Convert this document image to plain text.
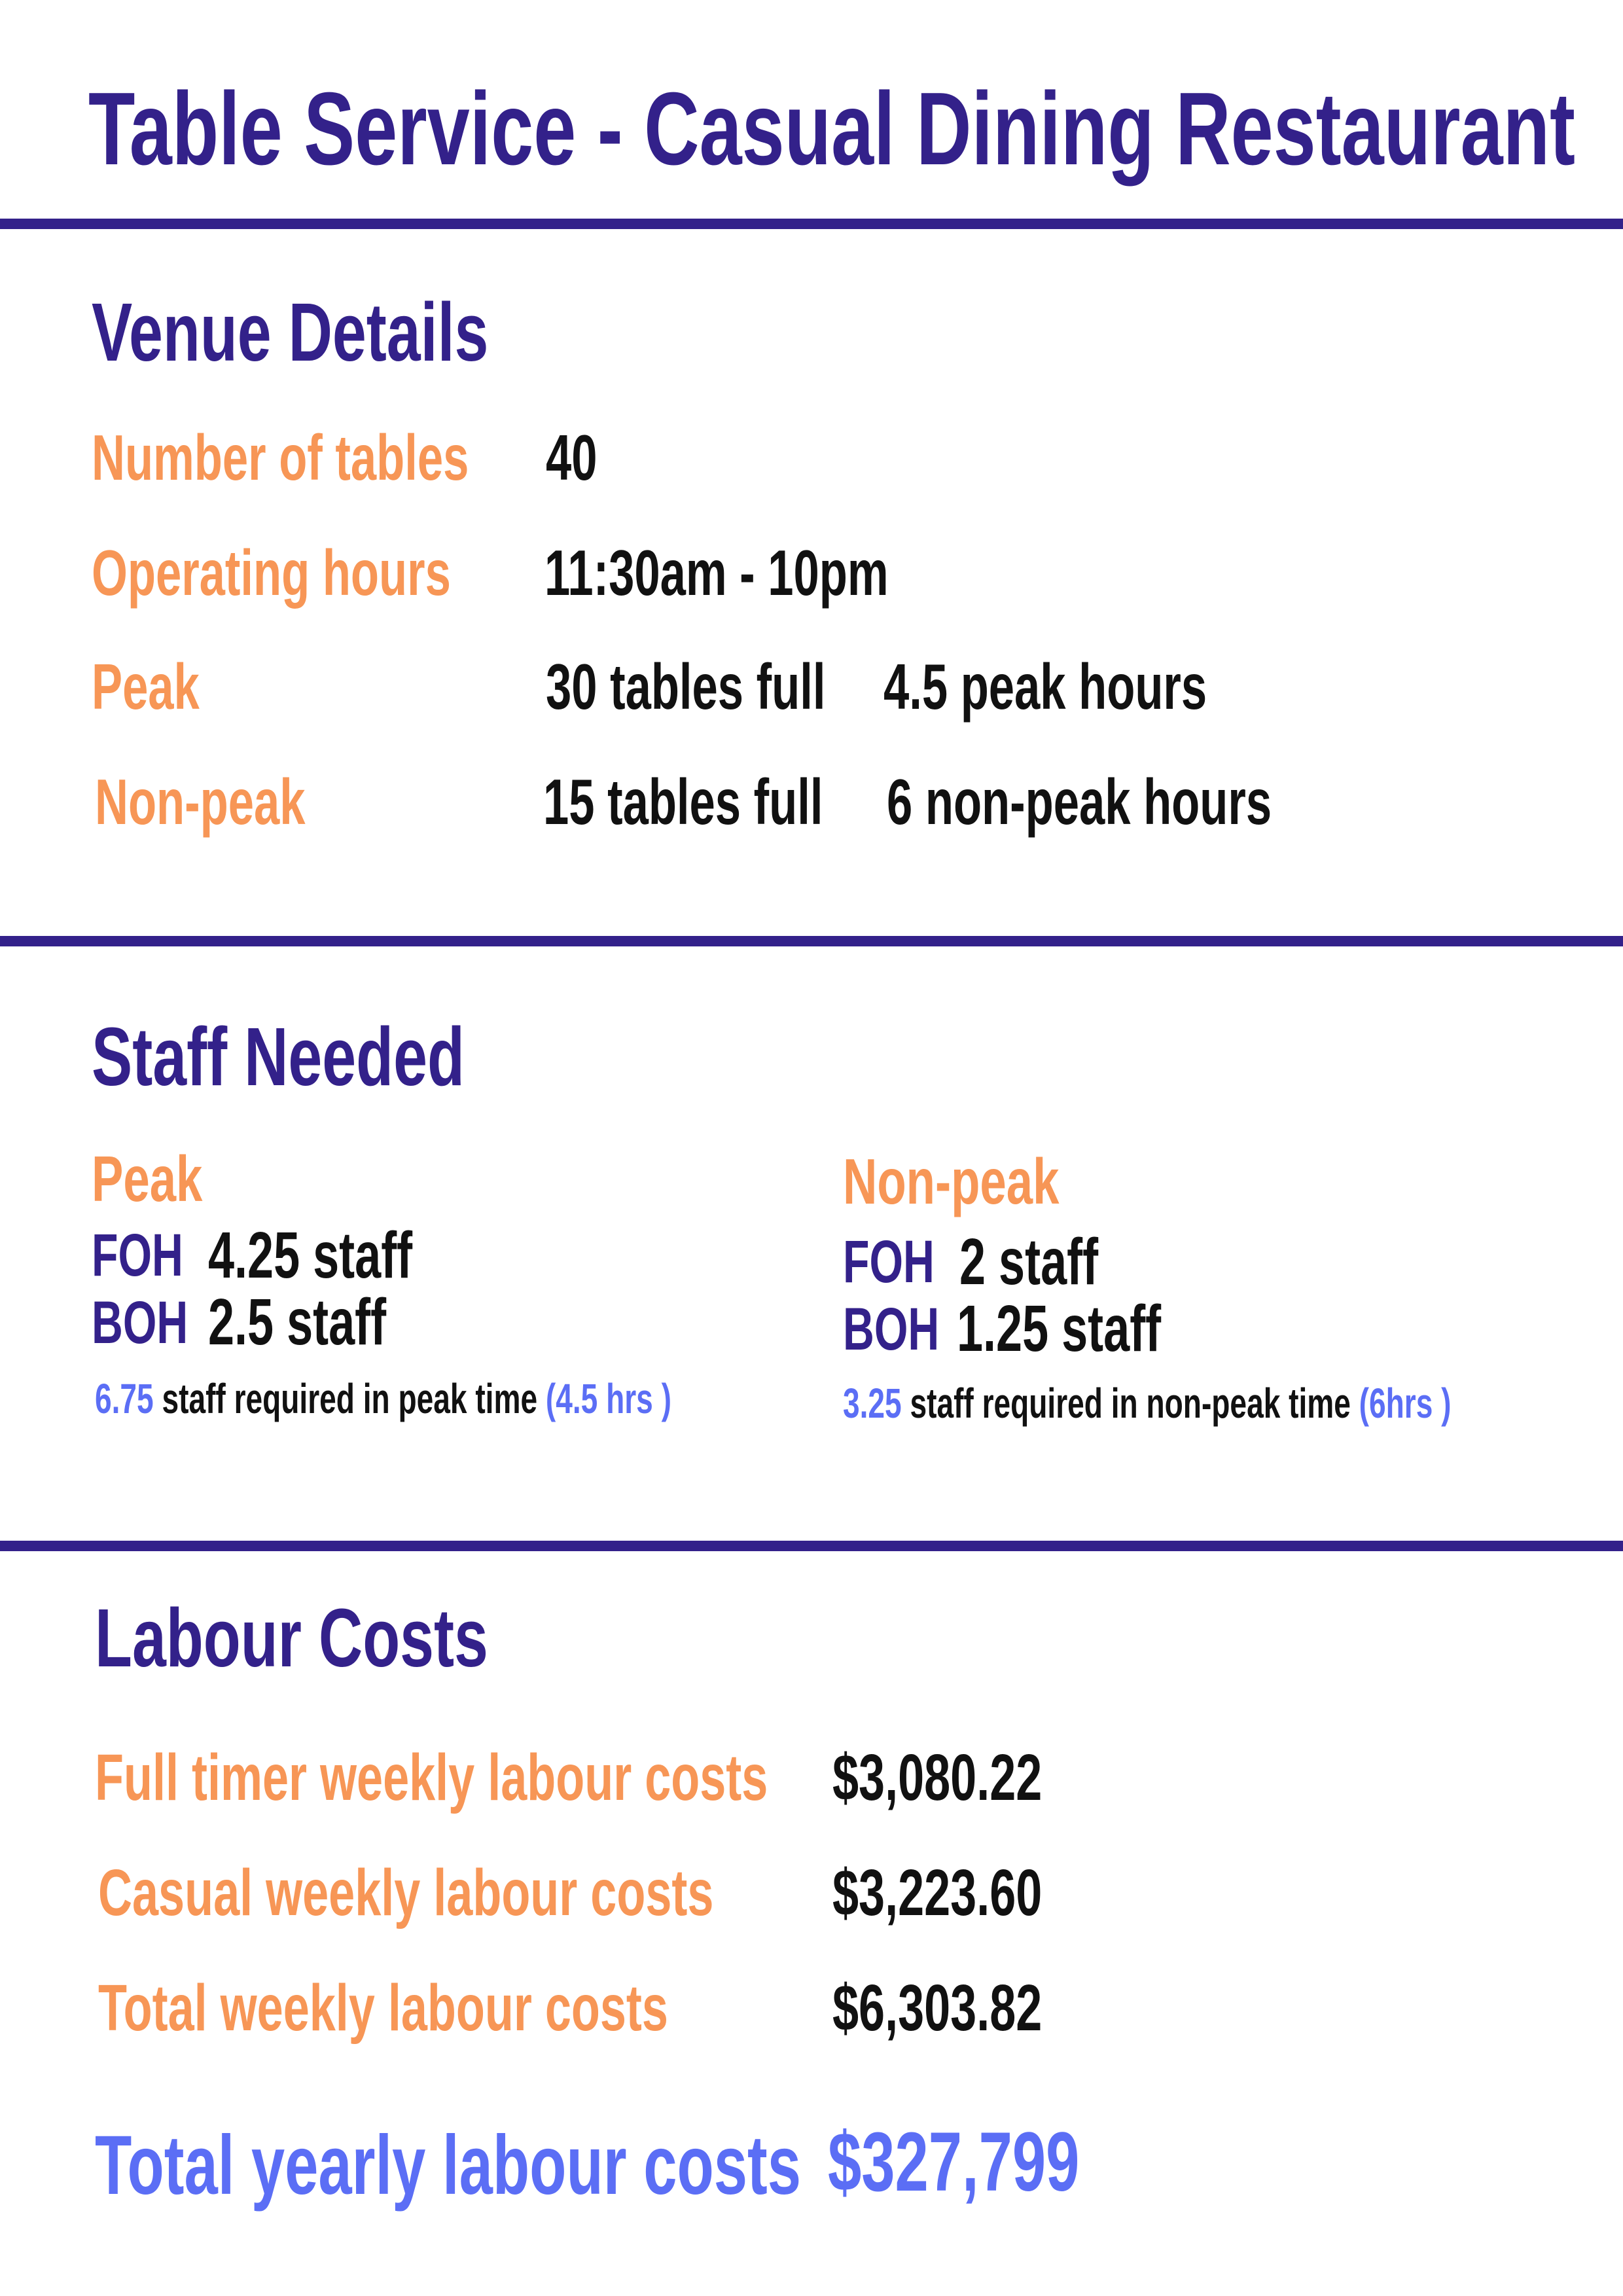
Table Service - Casual Dining Restaurant
Venue Details
Number of tables 40
Operating hours 11:30am - 10pm
Peak	30 tables full 4.5 peak hours
Non-peak	15 tables full 6 non-peak hours
Staff Needed
Peak
FOH 4.25 staff
BOH 2.5 staff
6.75 staff required in peak time (4.5 hrs )
Non-peak
FOH 2 staff
BOH 1.25 staff
3.25 staff required in non-peak time (6hrs )
Labour Costs
Full timer weekly labour costs $3,080.22
Casual weekly labour costs $3,223.60
Total weekly labour costs	$6,303.82
Total yearly labour costs $327,799
